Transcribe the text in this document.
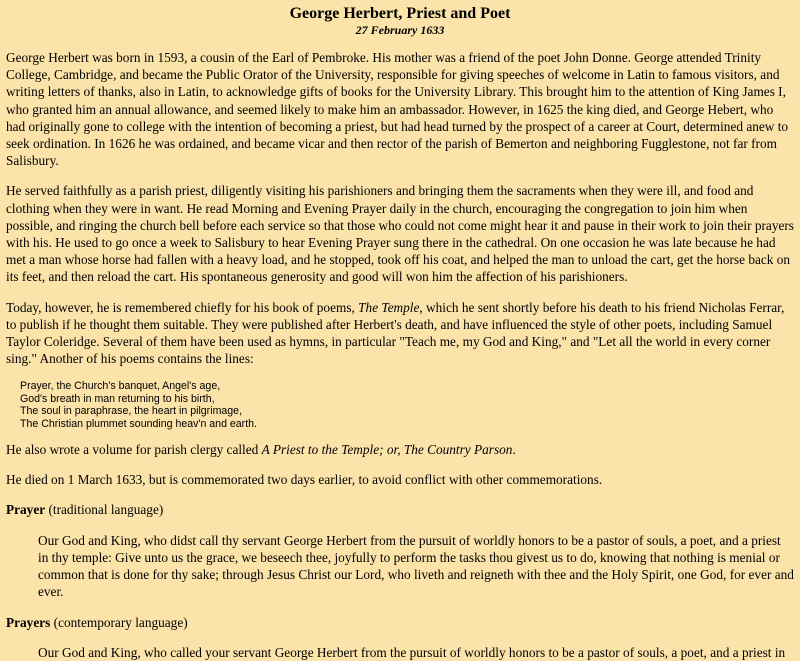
George Herbert, Priest and Poet
27 February 1633

George Herbert was born in 1593, a cousin of the Earl of Pembroke. His mother was a friend of the poet John Donne. George attended Trinity College, Cambridge, and became the Public Orator of the University, responsible for giving speeches of welcome in Latin to famous visitors, and writing letters of thanks, also in Latin, to acknowledge gifts of books for the University Library. This brought him to the attention of King James I, who granted him an annual allowance, and seemed likely to make him an ambassador. However, in 1625 the king died, and George Hebert, who had originally gone to college with the intention of becoming a priest, but had head turned by the prospect of a career at Court, determined anew to seek ordination. In 1626 he was ordained, and became vicar and then rector of the parish of Bemerton and neighboring Fugglestone, not far from Salisbury.

He served faithfully as a parish priest, diligently visiting his parishioners and bringing them the sacraments when they were ill, and food and clothing when they were in want. He read Morning and Evening Prayer daily in the church, encouraging the congregation to join him when possible, and ringing the church bell before each service so that those who could not come might hear it and pause in their work to join their prayers with his. He used to go once a week to Salisbury to hear Evening Prayer sung there in the cathedral. On one occasion he was late because he had met a man whose horse had fallen with a heavy load, and he stopped, took off his coat, and helped the man to unload the cart, get the horse back on its feet, and then reload the cart. His spontaneous generosity and good will won him the affection of his parishioners.

Today, however, he is remembered chiefly for his book of poems, The Temple, which he sent shortly before his death to his friend Nicholas Ferrar, to publish if he thought them suitable. They were published after Herbert's death, and have influenced the style of other poets, including Samuel Taylor Coleridge. Several of them have been used as hymns, in particular "Teach me, my God and King," and "Let all the world in every corner sing." Another of his poems contains the lines:

Prayer, the Church's banquet, Angel's age,
God's breath in man returning to his birth,
The soul in paraphrase, the heart in pilgrimage,
The Christian plummet sounding heav'n and earth.

He also wrote a volume for parish clergy called A Priest to the Temple; or, The Country Parson.

He died on 1 March 1633, but is commemorated two days earlier, to avoid conflict with other commemorations.

Prayer (traditional language)

Our God and King, who didst call thy servant George Herbert from the pursuit of worldly honors to be a pastor of souls, a poet, and a priest in thy temple: Give unto us the grace, we beseech thee, joyfully to perform the tasks thou givest us to do, knowing that nothing is menial or common that is done for thy sake; through Jesus Christ our Lord, who liveth and reigneth with thee and the Holy Spirit, one God, for ever and ever.

Prayers (contemporary language)

Our God and King, who called your servant George Herbert from the pursuit of worldly honors to be a pastor of souls, a poet, and a priest in
